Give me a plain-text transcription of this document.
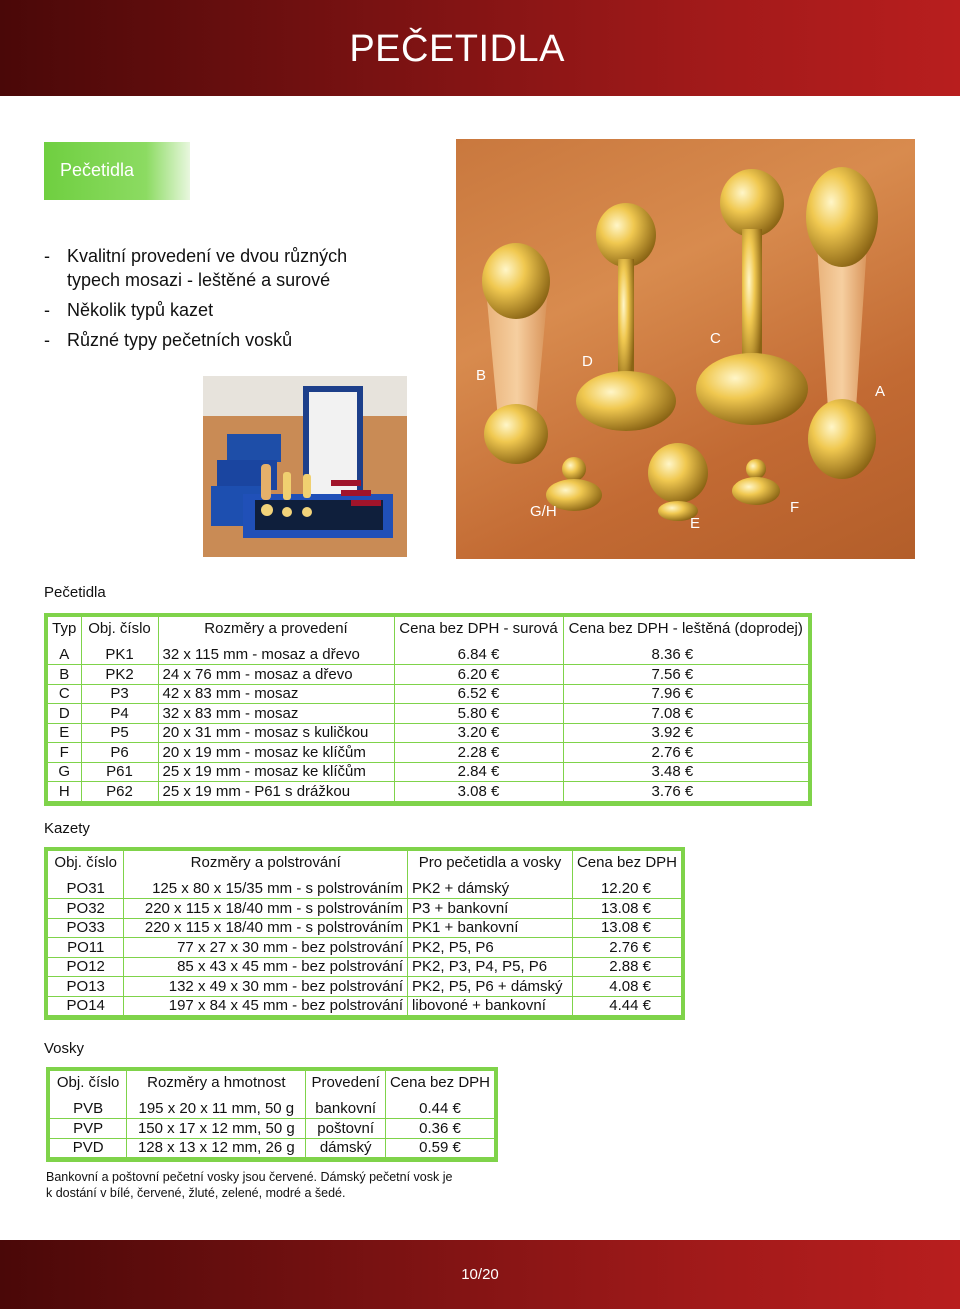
PEČETIDLA
Pečetidla
- Kvalitní provedení ve dvou různých typech mosazi - leštěné a surové
- Několik typů kazet
- Různé typy pečetních vosků
B
D
C
A
G/H
E
F
Pečetidla
Typ	Obj. číslo	Rozměry a provedení	Cena bez DPH - surová	Cena bez DPH - leštěná (doprodej)
A	PK1	32 x 115 mm - mosaz a dřevo	6.84 €	8.36 €
B	PK2	24 x 76 mm - mosaz a dřevo	6.20 €	7.56 €
C	P3	42 x 83 mm - mosaz	6.52 €	7.96 €
D	P4	32 x 83 mm - mosaz	5.80 €	7.08 €
E	P5	20 x 31 mm - mosaz s kuličkou	3.20 €	3.92 €
F	P6	20 x 19 mm - mosaz ke klíčům	2.28 €	2.76 €
G	P61	25 x 19 mm - mosaz ke klíčům	2.84 €	3.48 €
H	P62	25 x 19 mm - P61 s drážkou	3.08 €	3.76 €
Kazety
Obj. číslo	Rozměry a polstrování	Pro pečetidla a vosky	Cena bez DPH
PO31	125 x 80 x 15/35 mm - s polstrováním	PK2 + dámský	12.20 €
PO32	220 x 115 x 18/40 mm - s polstrováním	P3 + bankovní	13.08 €
PO33	220 x 115 x 18/40 mm - s polstrováním	PK1 + bankovní	13.08 €
PO11	77 x 27 x 30 mm - bez polstrování	PK2, P5, P6	2.76 €
PO12	85 x 43 x 45 mm - bez polstrování	PK2, P3, P4, P5, P6	2.88 €
PO13	132 x 49 x 30 mm - bez polstrování	PK2, P5, P6 + dámský	4.08 €
PO14	197 x 84 x 45 mm - bez polstrování	libovoné + bankovní	4.44 €
Vosky
Obj. číslo	Rozměry a hmotnost	Provedení	Cena bez DPH
PVB	195 x 20 x 11 mm, 50 g	bankovní	0.44 €
PVP	150 x 17 x 12 mm, 50 g	poštovní	0.36 €
PVD	128 x 13 x 12 mm, 26 g	dámský	0.59 €
Bankovní a poštovní pečetní vosky jsou červené. Dámský pečetní vosk je
k dostání v bílé, červené, žluté, zelené, modré a šedé.
10/20
